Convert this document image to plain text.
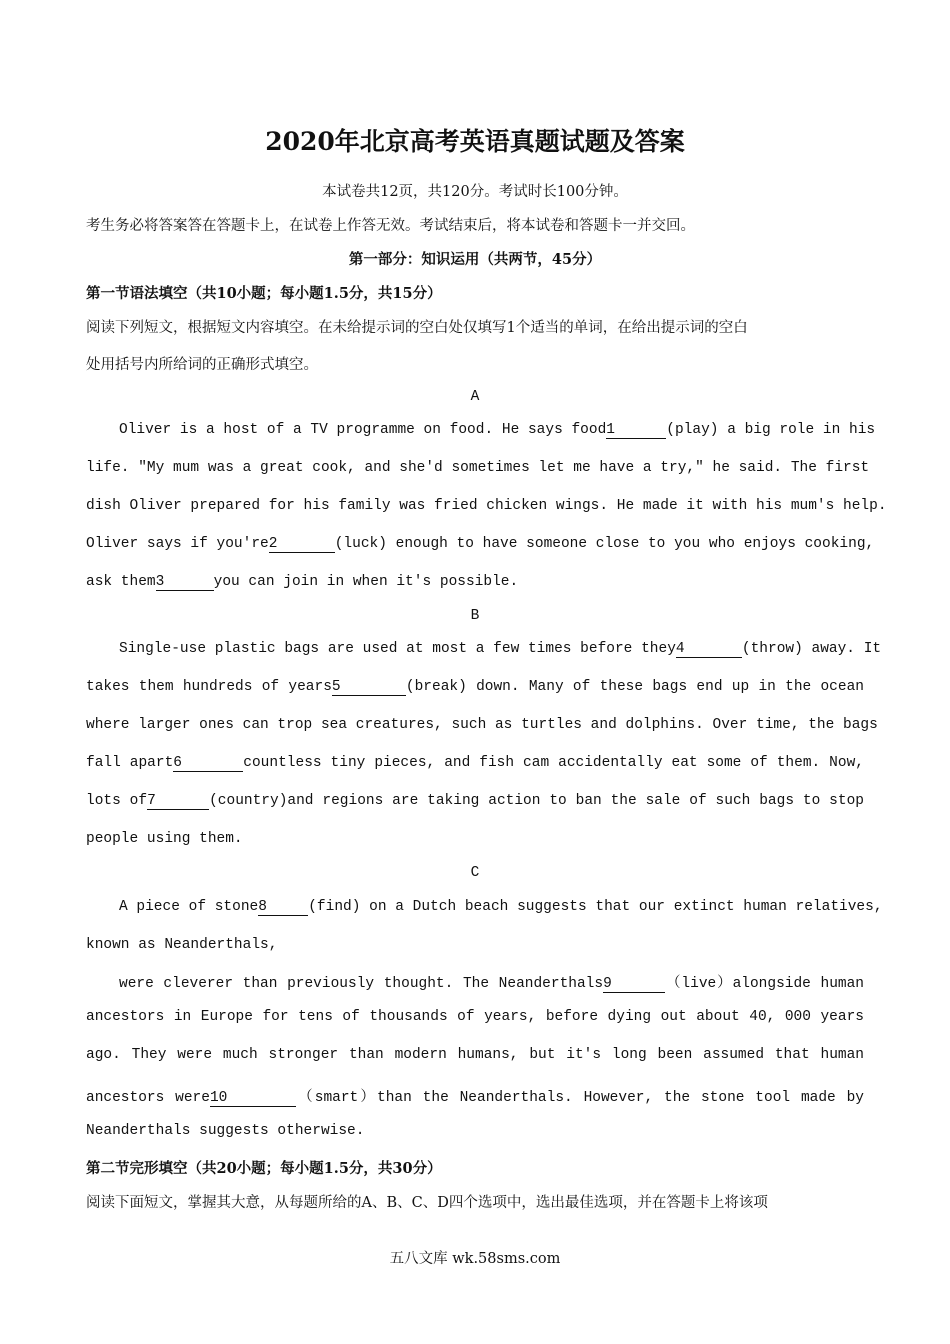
2020年北京高考英语真题试题及答案
本试卷共12页，共120分。考试时长100分钟。
考生务必将答案答在答题卡上，在试卷上作答无效。考试结束后，将本试卷和答题卡一并交回。
第一部分：知识运用（共两节，45分）
第一节语法填空（共10小题；每小题1.5分，共15分）
阅读下列短文，根据短文内容填空。在未给提示词的空白处仅填写1个适当的单词，在给出提示词的空白
处用括号内所给词的正确形式填空。
A
Oliver is a host of a TV programme on food. He says food1	(play) a big role in his
life. "My mum was a great cook, and she'd sometimes let me have a try," he said. The first
dish Oliver prepared for his family was fried chicken wings. He made it with his mum's help.
Oliver says if you're2	(luck) enough to have someone close to you who enjoys cooking,
ask them3	you can join in when it's possible.
B
Single-use plastic bags are used at most a few times before they4	(throw) away. It
takes them hundreds of years5	(break) down. Many of these bags end up in the ocean
where larger ones can trop sea creatures, such as turtles and dolphins. Over time, the bags
fall apart6	countless tiny pieces, and fish cam accidentally eat some of them. Now,
lots of7	(country)and regions are taking action to ban the sale of such bags to stop
people using them.
C
A piece of stone8	(find) on a Dutch beach suggests that our extinct human relatives,
known as Neanderthals,
were cleverer than previously thought. The Neanderthals9	（live）alongside human
ancestors in Europe for tens of thousands of years, before dying out about 40, 000 years
ago. They were much stronger than modern humans, but it's long been assumed that human
ancestors were10	（smart）than the Neanderthals. However, the stone tool made by
Neanderthals suggests otherwise.
第二节完形填空（共20小题；每小题1.5分，共30分）
阅读下面短文，掌握其大意，从每题所给的A、B、C、D四个选项中，选出最佳选项，并在答题卡上将该项
五八文库 wk.58sms.com
